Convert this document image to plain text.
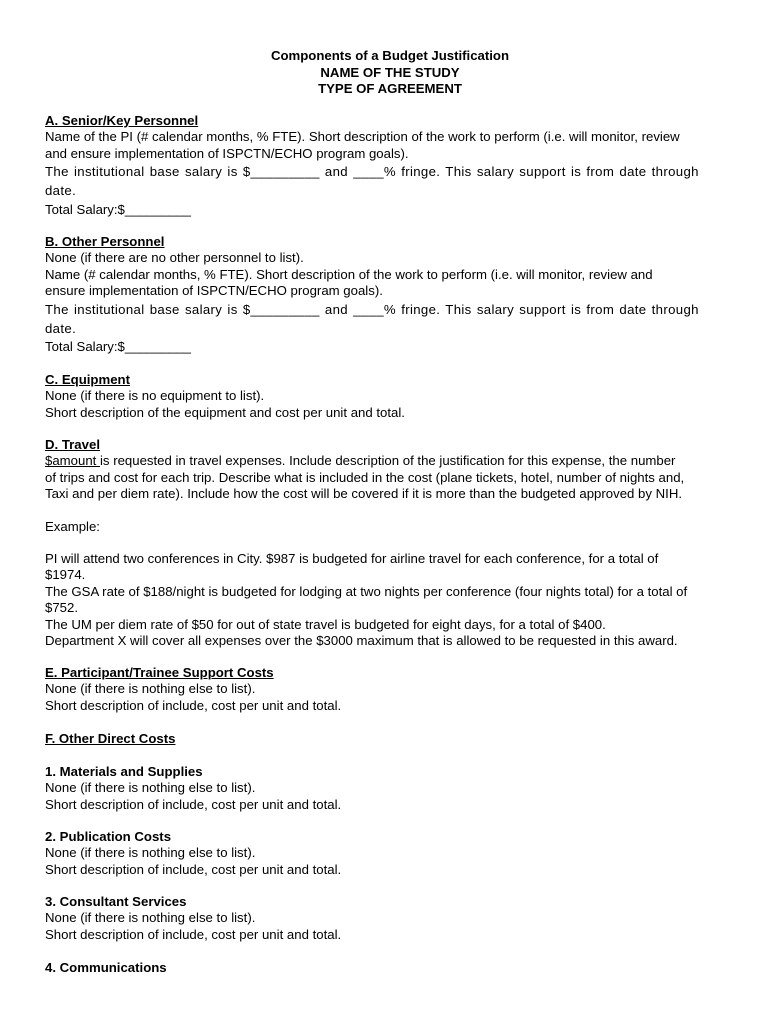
Components of a Budget Justification
NAME OF THE STUDY
TYPE OF AGREEMENT
A. Senior/Key Personnel
Name of the PI (# calendar months, % FTE). Short description of the work to perform (i.e. will monitor, review
and ensure implementation of ISPCTN/ECHO program goals).
The institutional base salary is $_________ and ____% fringe. This salary support is from date through
date.
Total Salary:$_________
B. Other Personnel
None (if there are no other personnel to list).
Name (# calendar months, % FTE). Short description of the work to perform (i.e. will monitor, review and
ensure implementation of ISPCTN/ECHO program goals).
The institutional base salary is $_________ and ____% fringe. This salary support is from date through
date.
Total Salary:$_________
C. Equipment
None (if there is no equipment to list).
Short description of the equipment and cost per unit and total.
D. Travel
$amount is requested in travel expenses. Include description of the justification for this expense, the number
of trips and cost for each trip. Describe what is included in the cost (plane tickets, hotel, number of nights and,
Taxi and per diem rate). Include how the cost will be covered if it is more than the budgeted approved by NIH.
Example:
PI will attend two conferences in City. $987 is budgeted for airline travel for each conference, for a total of
$1974.
The GSA rate of $188/night is budgeted for lodging at two nights per conference (four nights total) for a total of
$752.
The UM per diem rate of $50 for out of state travel is budgeted for eight days, for a total of $400.
Department X will cover all expenses over the $3000 maximum that is allowed to be requested in this award.
E. Participant/Trainee Support Costs
None (if there is nothing else to list).
Short description of include, cost per unit and total.
F. Other Direct Costs
1. Materials and Supplies
None (if there is nothing else to list).
Short description of include, cost per unit and total.
2. Publication Costs
None (if there is nothing else to list).
Short description of include, cost per unit and total.
3. Consultant Services
None (if there is nothing else to list).
Short description of include, cost per unit and total.
4. Communications
